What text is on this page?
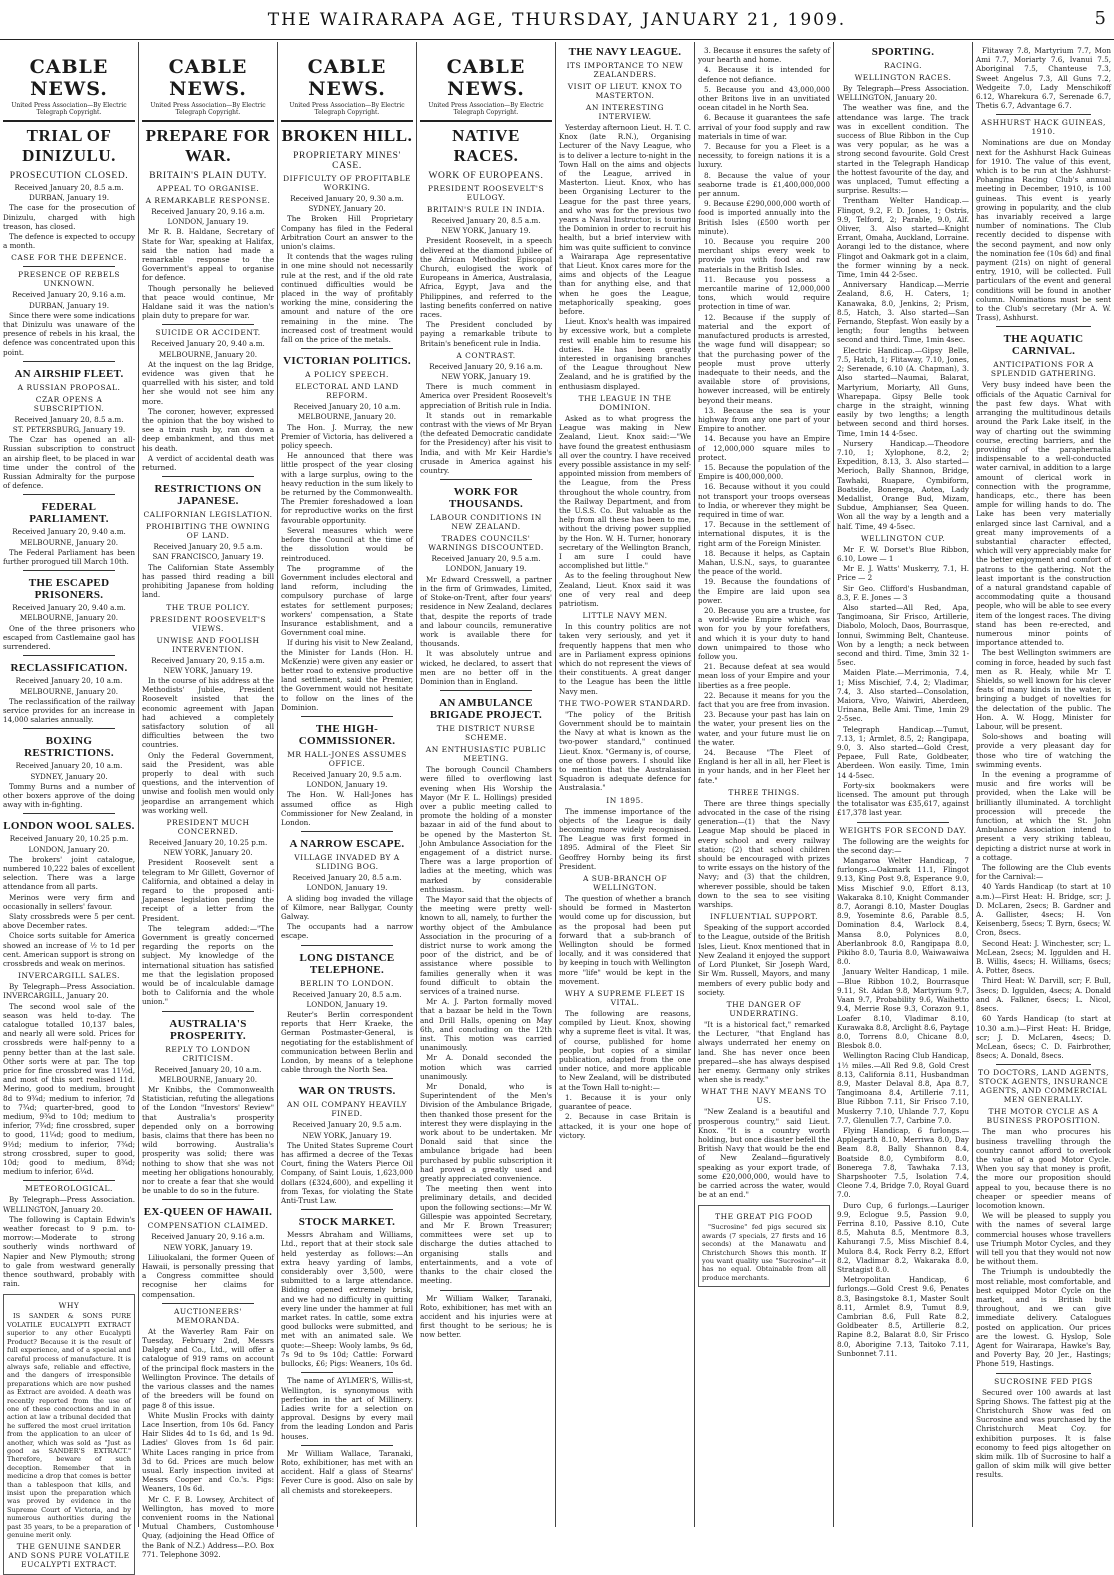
THE WAIRARAPA AGE, THURSDAY, JANUARY 21, 1909.	5
CABLE NEWS.
United Press Association—By Electric Telegraph Copyright.
TRIAL OF DINIZULU.
PROSECUTION CLOSED.
Received January 20, 8.5 a.m.
DURBAN, January 19.

The case for the prosecution of Dinizulu, charged with high treason, has closed.

The defence is expected to occupy a month.

CASE FOR THE DEFENCE.
PRESENCE OF REBELS UNKNOWN.
Received January 20, 9.16 a.m.
DURBAN, January 19.

Since there were some indications that Dinizulu was unaware of the presence of rebels in his kraal, the defence was concentrated upon this point.

AN AIRSHIP FLEET.
A RUSSIAN PROPOSAL.
CZAR OPENS A SUBSCRIPTION.
Received January 20, 8.5 a.m.
ST. PETERSBURG, January 19.

The Czar has opened an all-Russian subscription to construct an airship fleet, to be placed in war time under the control of the Russian Admiralty for the purpose of defence.

FEDERAL PARLIAMENT.
Received January 20, 9.40 a.m.
MELBOURNE, January 20.

The Federal Parliament has been further prorogued till March 10th.

THE ESCAPED PRISONERS.
Received January 20, 9.40 a.m.
MELBOURNE, January 20.

One of the three prisoners who escaped from Castlemaine gaol has surrendered.

RECLASSIFICATION.
Received January 20, 10 a.m.
MELBOURNE, January 20.

The reclassification of the railway service provides for an increase in 14,000 salaries annually.

BOXING RESTRICTIONS.
Received January 20, 10 a.m.
SYDNEY, January 20.

Tommy Burns and a number of other boxers approve of the doing away with in-fighting.

LONDON WOOL SALES.
Received January 20, 10.25 p.m.
LONDON, January 20.

The brokers' joint catalogue, numbered 10,222 bales of excellent selection. There was a large attendance from all parts.

Merinos were very firm and occasionally in sellers' favour.

Slaty crossbreds were 5 per cent. above December rates.

Choice sorts suitable for America showed an increase of ½ to 1d per cent. American support is strong on crossbreds and weak on merinos.

INVERCARGILL SALES.

By Telegraph—Press Association. INVERCARGILL, January 20.

The second wool sale of the season was held to-day. The catalogue totalled 10,137 bales, and nearly all were sold. Prices for crossbreds were half-penny to a penny better than at the last sale. Other sorts were at par. The top price for fine crossbred was 11½d, and most of this sort realised 11d. Merino, good to medium, brought 8d to 9¾d; medium to inferior, 7d to 7¾d; quarter-bred, good to medium, 9¾d to 10d; medium to inferior, 7¾d; fine crossbred, super to good, 11¼d; good to medium, 9½d; medium to inferior, 7¾d; strong crossbred, super to good, 10d; good to medium, 8¾d; medium to inferior, 6¼d.

METEOROLOGICAL.

By Telegraph—Press Association. WELLINGTON, January 20.

The following is Captain Edwin's weather forecast to 9 p.m. to-morrow:—Moderate to strong southerly winds northward of Napier and New Plymouth; strong to gale from westward generally thence southward, probably with rain.

WHY

IS SANDER & SONS PURE VOLATILE EUCALYPTI EXTRACT superior to any other Eucalypti Product? Because it is the result of full experience, and of a special and careful process of manufacture. It is always safe, reliable and effective, and the dangers of irresponsible preparations which are now pushed as Extract are avoided. A death was recently reported from the use of one of these concoctions and in an action at law a tribunal decided that he suffered the most cruel irritation from the application to an ulcer of another, which was sold as "Just as good as SANDER'S EXTRACT." Therefore, beware of such deception. Remember that in medicine a drop that comes is better than a tablespoon that kills, and insist upon the preparation which was proved by evidence in the Supreme Court of Victoria, and by numerous authorities during the past 35 years, to be a preparation of genuine merit only.

THE GENUINE SANDER AND SONS PURE VOLATILE EUCALYPTI EXTRACT.
CABLE NEWS.
United Press Association—By Electric Telegraph Copyright.
PREPARE FOR WAR.
BRITAIN'S PLAIN DUTY.
APPEAL TO ORGANISE.
A REMARKABLE RESPONSE.
Received January 20, 9.16 a.m.
LONDON, January 19.

Mr R. B. Haldane, Secretary of State for War, speaking at Halifax, said the nation had made a remarkable response to the Government's appeal to organise for defence.

Though personally he believed that peace would continue, Mr Haldane said it was the nation's plain duty to prepare for war.

SUICIDE OR ACCIDENT.
Received January 20, 9.40 a.m.
MELBOURNE, January 20.

At the inquest on the lag Bridge, evidence was given that he quarrelled with his sister, and told her she would not see him any more.

The coroner, however, expressed the opinion that the boy wished to see a train rush by, ran down a deep embankment, and thus met his death.

A verdict of accidental death was returned.

RESTRICTIONS ON JAPANESE.
CALIFORNIAN LEGISLATION.
PROHIBITING THE OWNING OF LAND.
Received January 20, 9.5 a.m.
SAN FRANCISCO, January 19.

The Californian State Assembly has passed third reading a bill prohibiting Japanese from holding land.

THE TRUE POLICY.
PRESIDENT ROOSEVELT'S VIEWS.
UNWISE AND FOOLISH INTERVENTION.
Received January 20, 9.15 a.m.
NEW YORK, January 19.

In the course of his address at the Methodists' Jubilee, President Roosevelt insisted that the economic agreement with Japan had achieved a completely satisfactory solution of all difficulties between the two countries.

Only the Federal Government, said the President, was able properly to deal with such questions, and the intervention of unwise and foolish men would only jeopardise an arrangement which was working well.

PRESIDENT MUCH CONCERNED.
Received January 20, 10.25 p.m.
NEW YORK, January 20.

President Roosevelt sent a telegram to Mr Gillett, Governor of California, and obtained a delay in regard to the proposed anti-Japanese legislation pending the receipt of a letter from the President.

The telegram added:—"The Government is greatly concerned regarding the reports on the subject. My knowledge of the international situation has satisfied me that the legislation proposed would be of incalculable damage both to California and the whole union."

AUSTRALIA'S PROSPERITY.
REPLY TO LONDON CRITICISM.
Received January 20, 10 a.m.
MELBOURNE, January 20.

Mr Knibbs, the Commonwealth Statistician, refuting the allegations of the London "Investors' Review" that Australia's prosperity depended only on a borrowing basis, claims that there has been no wild borrowing. Australia's prosperity was solid; there was nothing to show that she was not meeting her obligations honourably, nor to create a fear that she would be unable to do so in the future.

EX-QUEEN OF HAWAII.
COMPENSATION CLAIMED.
Received January 20, 9.16 a.m.
NEW YORK, January 19.

Liliuokalani, the former Queen of Hawaii, is personally pressing that a Congress committee should recognise her claims for compensation.

AUCTIONEERS' MEMORANDA.

At the Waverley Ram Fair on Tuesday, February 2nd, Messrs Dalgety and Co., Ltd., will offer a catalogue of 919 rams on account of the principal flock masters in the Wellington Province. The details of the various classes and the names of the breeders will be found on page 8 of this issue.

White Muslin Frocks with dainty Lace Insertion, from 10s 6d. Fancy Hair Slides 4d to 1s 6d, and 1s 9d. Ladies' Gloves from 1s 6d pair. White Laces ranging in price from 3d to 6d. Prices are much below usual. Early inspection invited at Messrs Cooper and Co.'s. Pigs: Weaners, 10s 6d.

Mr C. F. B. Lowsey, Architect of Wellington, has moved to more convenient rooms in the National Mutual Chambers, Customhouse Quay, (adjoining the Head Office of the Bank of N.Z.) Address—P.O. Box 771. Telephone 3092.

CABLE NEWS.
United Press Association—By Electric Telegraph Copyright.
BROKEN HILL.
PROPRIETARY MINES' CASE.
DIFFICULTY OF PROFITABLE WORKING.
Received January 20, 9.30 a.m.
SYDNEY, January 20.

The Broken Hill Proprietary Company has filed in the Federal Arbitration Court an answer to the union's claims.

It contends that the wages ruling in one mine should not necessarily rule at the rest, and if the old rate continued difficulties would be placed in the way of profitably working the mine, considering the amount and nature of the ore remaining in the mine. The increased cost of treatment would fall on the price of the metals.

VICTORIAN POLITICS.
A POLICY SPEECH.
ELECTORAL AND LAND REFORM.
Received January 20, 10 a.m.
MELBOURNE, January 20.

The Hon. J. Murray, the new Premier of Victoria, has delivered a policy speech.

He announced that there was little prospect of the year closing with a large surplus, owing to the heavy reduction in the sum likely to be returned by the Commonwealth. The Premier foreshadowed a loan for reproductive works on the first favourable opportunity.

Several measures which were before the Council at the time of the dissolution would be reintroduced.

The programme of the Government includes electoral and land reform, including the compulsory purchase of large estates for settlement purposes; workers' compensation, a State Insurance establishment, and a Government coal mine.

If during his visit to New Zealand, the Minister for Lands (Hon. H. McKenzie) were given any easier or better road to extensive productive land settlement, said the Premier, the Government would not hesitate to follow on the lines of the Dominion.

THE HIGH-COMMISSIONER.
MR HALL-JONES ASSUMES OFFICE.
Received January 20, 9.5 a.m.
LONDON, January 19.

The Hon. W. Hall-Jones has assumed office as High Commissioner for New Zealand, in London.

A NARROW ESCAPE.
VILLAGE INVADED BY A SLIDING BOG.
Received January 20, 8.5 a.m.
LONDON, January 19.

A sliding bog invaded the village of Kilmore, near Ballygar, County Galway.

The occupants had a narrow escape.

LONG DISTANCE TELEPHONE.
BERLIN TO LONDON.
Received January 20, 8.5 a.m.
LONDON, January 19.

Reuter's Berlin correspondent reports that Herr Kraeke, the German Postmaster-General, is negotiating for the establishment of communication between Berlin and London, by means of a telephone cable through the North Sea.

WAR ON TRUSTS.
AN OIL COMPANY HEAVILY FINED.
Received January 20, 9.5 a.m.
NEW YORK, January 19.

The United States Supreme Court has affirmed a decree of the Texas Court, fining the Waters Pierce Oil Company, of Saint Louis, 1,623,000 dollars (£324,600), and expelling it from Texas, for violating the State Anti-Trust Law.

STOCK MARKET.

Messrs Abraham and Williams, Ltd., report that at their stock sale held yesterday as follows:—An extra heavy yarding of lambs, considerably over 3,500, were submitted to a large attendance. Bidding opened extremely brisk, and we had no difficulty in quitting every line under the hammer at full market rates. In cattle, some extra good bullocks were submitted, and met with an animated sale. We quote:—Sheep: Wooly lambs, 9s 6d, 7s 9d to 9s 10d; Cattle: Forward bullocks, £6; Pigs: Weaners, 10s 6d.

The name of AYLMER'S, Willis-st, Wellington, is synonymous with perfection in the art of Millinery. Ladies write for a selection on approval. Designs by every mail from the leading London and Paris houses.

Mr William Wallace, Taranaki, Roto, exhibitioner, has met with an accident. Half a glass of Stearns' Fever Cure is good. Also on sale by all chemists and storekeepers.

CABLE NEWS.
United Press Association—By Electric Telegraph Copyright.
NATIVE RACES.
WORK OF EUROPEANS.
PRESIDENT ROOSEVELT'S EULOGY.
BRITAIN'S RULE IN INDIA.
Received January 20, 8.5 a.m.
NEW YORK, January 19.

President Roosevelt, in a speech delivered at the diamond jubilee of the African Methodist Episcopal Church, eulogised the work of Europeans in America, Australasia, Africa, Egypt, Java and the Philippines, and referred to the lasting benefits conferred on native races.

The President concluded by paying a remarkable tribute to Britain's beneficent rule in India.

A CONTRAST.
Received January 20, 9.16 a.m.
NEW YORK, January 19.

There is much comment in America over President Roosevelt's appreciation of British rule in India.

It stands out in remarkable contrast with the views of Mr Bryan (the defeated Democratic candidate for the Presidency) after his visit to India, and with Mr Keir Hardie's crusade in America against his country.

WORK FOR THOUSANDS.
LABOUR CONDITIONS IN NEW ZEALAND.
TRADES COUNCILS' WARNINGS DISCOUNTED.
Received January 20, 9.5 a.m.
LONDON, January 19.

Mr Edward Cresswell, a partner in the firm of Grimwades, Limited, of Stoke-on-Trent, after four years' residence in New Zealand, declares that, despite the reports of trade and labour councils, remunerative work is available there for thousands.

It was absolutely untrue and wicked, he declared, to assert that men are no better off in the Dominion than in England.

AN AMBULANCE BRIGADE PROJECT.
THE DISTRICT NURSE SCHEME.
AN ENTHUSIASTIC PUBLIC MEETING.

The borough Council Chambers were filled to overflowing last evening when His Worship the Mayor (Mr F. L. Hollings) presided over a public meeting called to promote the holding of a monster bazaar in aid of the fund about to be opened by the Masterton St. John Ambulance Association for the engagement of a district nurse. There was a large proportion of ladies at the meeting, which was marked by considerable enthusiasm.

The Mayor said that the objects of the meeting were pretty well-known to all, namely, to further the worthy object of the Ambulance Association in the procuring of a district nurse to work among the poor of the district, and be of assistance where possible to families generally when it was found difficult to obtain the services of a trained nurse.

Mr A. J. Parton formally moved that a bazaar be held in the Town and Drill Halls, opening on May 6th, and concluding on the 12th inst. This motion was carried unanimously.

Mr A. Donald seconded the motion which was carried unanimously.

Mr Donald, who is Superintendent of the Men's Division of the Ambulance Brigade, then thanked those present for the interest they were displaying in the work about to be undertaken. Mr Donald said that since the ambulance brigade had been purchased by public subscription it had proved a greatly used and greatly appreciated convenience.

The meeting then went into preliminary details, and decided upon the following sections:—Mr W. Gillespie was appointed Secretary, and Mr F. Brown Treasurer; committees were set up to discharge the duties attached to organising stalls and entertainments, and a vote of thanks to the chair closed the meeting.

Mr William Walker, Taranaki, Roto, exhibitioner, has met with an accident and his injuries were at first thought to be serious; he is now better.

THE NAVY LEAGUE.
ITS IMPORTANCE TO NEW ZEALANDERS.
VISIT OF LIEUT. KNOX TO MASTERTON.
AN INTERESTING INTERVIEW.

Yesterday afternoon Lieut. H. T. C. Knox (late R.N.), Organising Lecturer of the Navy League, who is to deliver a lecture to-night in the Town Hall on the aims and objects of the League, arrived in Masterton. Lieut. Knox, who has been Organising Lecturer to the League for the past three years, and who was for the previous two years a Naval Instructor, is touring the Dominion in order to recruit his health, but a brief interview with him was quite sufficient to convince a Wairarapa Age representative that Lieut. Knox cares more for the aims and objects of the League than for anything else, and that when he goes the League, metaphorically speaking, goes before.

Lieut. Knox's health was impaired by excessive work, but a complete rest will enable him to resume his duties. He has been greatly interested in organising branches of the League throughout New Zealand, and he is gratified by the enthusiasm displayed.

THE LEAGUE IN THE DOMINION.

Asked as to what progress the League was making in New Zealand, Lieut. Knox said:—"We have found the greatest enthusiasm all over the country. I have received every possible assistance in my self-appointed mission from members of the League, from the Press throughout the whole country, from the Railway Department, and from the U.S.S. Co. But valuable as the help from all these has been to me, without the driving power supplied by the Hon. W. H. Turner, honorary secretary of the Wellington Branch, I am sure I could have accomplished but little."

As to the feeling throughout New Zealand, Lieut. Knox said it was one of very real and deep patriotism.

LITTLE NAVY MEN.

In this country politics are not taken very seriously, and yet it frequently happens that men who are in Parliament express opinions which do not represent the views of their constituents. A great danger to the League has been the little Navy men.

THE TWO-POWER STANDARD.

"The policy of the British Government should be to maintain the Navy at what is known as the two-power standard," continued Lieut. Knox. "Germany is, of course, one of those powers. I should like to mention that the Australasian Squadron is adequate defence for Australasia."

IN 1895.

The immense importance of the objects of the League is daily becoming more widely recognised. The League was first formed in 1895. Admiral of the Fleet Sir Geoffrey Hornby being its first President.

A SUB-BRANCH OF WELLINGTON.

The question of whether a branch should be formed in Masterton would come up for discussion, but as the proposal had been put forward that a sub-branch of Wellington should be formed locally, and it was considered that by keeping in touch with Wellington more "life" would be kept in the movement.

WHY A SUPREME FLEET IS VITAL.

The following are reasons, compiled by Lieut. Knox, showing why a supreme fleet is vital. It was, of course, published for home people, but copies of a similar publication, adapted from the one under notice, and more applicable to New Zealand, will be distributed at the Town Hall to-night:—

1. Because it is your only guarantee of peace.

2. Because in case Britain is attacked, it is your one hope of victory.

3. Because it ensures the safety of your hearth and home.

4. Because it is intended for defence not defiance.

5. Because you and 43,000,000 other Britons live in an unvitiated ocean citadel in he North Sea.

6. Because it guarantees the safe arrival of your food supply and raw materials in time of war.

7. Because for you a Fleet is a necessity, to foreign nations it is a luxury.

8. Because the value of your seaborne trade is £1,400,000,000 per annum.

9. Because £290,000,000 worth of food is imported annually into the British Isles (£500 worth per minute).

10. Because you require 200 merchant ships every week to provide you with food and raw materials in the British Isles.

11. Because you possess a mercantile marine of 12,000,000 tons, which would require protection in time of war.

12. Because if the supply of material and the export of manufactured products is arrested, the wage fund will disappear; so that the purchasing power of the people must prove utterly inadequate to their needs, and the available store of provisions, however increased, will be entirely beyond their means.

13. Because the sea is your highway from any one part of your Empire to another.

14. Because you have an Empire of 12,000,000 square miles to protect.

15. Because the population of the Empire is 400,000,000.

16. Because without it you could not transport your troops overseas to India, or wherever they might be required in time of war.

17. Because in the settlement of international disputes, it is the right arm of the Foreign Minister.

18. Because it helps, as Captain Mahan, U.S.N., says, to guarantee the peace of the world.

19. Because the foundations of the Empire are laid upon sea power.

20. Because you are a trustee, for a world-wide Empire which was won for you by your forefathers, and which it is your duty to hand down unimpaired to those who follow you.

21. Because defeat at sea would mean loss of your Empire and your liberties as a free people.

22. Because it means for you the fact that you are free from invasion.

23. Because your past has lain on the water, your present lies on the water, and your future must lie on the water.

24. Because "The Fleet of England is her all in all, her Fleet is in your hands, and in her Fleet her fate."

THREE THINGS.

There are three things specially advocated in the case of the rising generation—(1) that the Navy League Map should be placed in every school and every railway station; (2) that school children should be encouraged with prizes to write essays on the history of the Navy; and (3) that the children, wherever possible, should be taken down to the sea to see visiting warships.

INFLUENTIAL SUPPORT.

Speaking of the support accorded to the League, outside of the British Isles, Lieut. Knox mentioned that in New Zealand it enjoyed the support of Lord Plunket, Sir Joseph Ward, Sir Wm. Russell, Mayors, and many members of every public body and society.

THE DANGER OF UNDERRATING.

"It is a historical fact," remarked the Lecturer, "that England has always underrated her enemy on land. She has never once been prepared—she has always despised her enemy. Germany only strikes when she is ready."

WHAT THE NAVY MEANS TO US.

"New Zealand is a beautiful and prosperous country," said Lieut. Knox. "It is a country worth holding, but once disaster befell the British Navy that would be the end of New Zealand—figuratively speaking as your export trade, of some £20,000,000, would have to be carried across the water, would be at an end."

THE GREAT PIG FOOD

"Sucrosine" fed pigs secured six awards (7 specials, 27 firsts and 16 seconds) at the Manawatu and Christchurch Shows this month. If you want quality use "Sucrosine"—it has no equal. Obtainable from all produce merchants.

SPORTING.
RACING.
WELLINGTON RACES.

By Telegraph—Press Association. WELLINGTON, January 20.

The weather was fine, and the attendance was large. The track was in excellent condition. The success of Blue Ribbon in the Cup was very popular, as he was a strong second favourite. Gold Crest started in the Telegraph Handicap the hottest favourite of the day, and was unplaced, Tumut effecting a surprise. Results:—

Trentham Welter Handicap.—Flingot, 9.2, F. D. Jones, 1; Ostris, 9.9, Telford, 2; Parable, 9.0, Alf. Oliver, 3. Also started—Knight Errant, Omaha, Auckland, Lorraine. Aorangi led to the distance, where Flingot and Oakmark got in a claim, the former winning by a neck. Time, 1min 44 2-5sec.

Anniversary Handicap.—Merrie Zealand, 8.6, H. Caters, 1; Kanawaka, 8.0, Jenkins, 2; Prism, 8.5, Hatch, 3. Also started—San Fernando, Stepfast. Won easily by a length; four lengths between second and third. Time, 1min 4sec.

Electric Handicap.—Gipsy Belle, 7.5, Hatch, 1; Flitaway, 7.10, Jones, 2; Serenade, 6.10 (A. Chapman), 3. Also started—Naumai, Balarat, Martyrium, Moriarty, All Guns, Wharepapa. Gipsy Belle took charge in the straight, winning easily by two lengths; a length between second and third horses. Time, 1min 14 4-5sec.

Nursery Handicap.—Theodore 7.10, 1; Xylophone, 8.2, 2; Expedition, 8.13, 3. Also started—Merioch, Bally Shannon, Bridge, Tawhaki, Ruapare, Cymbiform, Boatside, Bonerega, Aotea, Lady Medallist, Orange Bud, Mizam, Subdue, Amphianser, Sea Queen. Won all the way by a length and a half. Time, 49 4-5sec.

WELLINGTON CUP.

Mr F. W. Dorset's Blue Ribbon, 6.10, Lowe — 1

Mr E. J. Watts' Muskerry, 7.1, H. Price — 2

Sir Geo. Clifford's Husbandman, 8.3, F. E. Jones — 3

Also started—All Red, Apa, Tangimoana, Sir Frisco, Artillerie, Diabolo, Moloch, Daos, Bourrasque, Ionnui, Swimming Belt, Chanteuse. Won by a length; a neck between second and third. Time, 3min 32 1-5sec.

Maiden Plate.—Merrimonia, 7.4, 1; Miss Mischief, 7.4, 2; Vladimar, 7.4, 3. Also started—Consolation, Maiora, Vivo, Waiwiri, Aberdeen, Urinana, Belle Ami. Time, 1min 29 2-5sec.

Telegraph Handicap.—Tumut, 7.13, 1; Armlet, 8.5, 2; Rangipapa, 9.0, 3. Also started—Gold Crest, Pepaee, Full Rate, Goldbeater, Aberdeen. Won easily. Time, 1min 14 4-5sec.

Forty-six bookmakers were licensed. The amount put through the totalisator was £35,617, against £17,378 last year.

WEIGHTS FOR SECOND DAY.

The following are the weights for the second day:—

Mangaroa Welter Handicap, 7 furlongs.—Oakmark 11.1, Flingot 9.13, King Post 9.8, Esperance 9.0, Miss Mischief 9.0, Effort 8.13, Wakaraka 8.10, Knight Commander 8.7, Aorangi 8.10, Master Douglas 8.9, Yoseminte 8.6, Parable 8.5, Domination 8.4, Warlock 8.4, Mansa 8.0, Polynices 8.0, Aberlanbrook 8.0, Rangipapa 8.0, Pikiho 8.0, Tauria 8.0, Waiwawaiwa 8.0.

January Welter Handicap, 1 mile.—Blue Ribbon 10.2, Bourrasque 9.11, St. Aidan 9.8, Martyrium 9.7, Vaan 9.7, Probability 9.6, Waihetto 9.4, Merrie Rose 9.3, Corazon 9.1, Loafer 8.10, Vladimar 8.10, Kurawaka 8.8, Arclight 8.6, Paytage 8.0, Torrens 8.0, Chicane 8.0, Blesbok 8.0.

Wellington Racing Club Handicap, 1½ miles.—All Red 9.8, Gold Crest 8.13, California 8.11, Husbandman 8.9, Master Delaval 8.8, Apa 8.7, Tangimoana 8.4, Artillerie 7.11, Blue Ribbon 7.11, Sir Frisco 7.10, Muskerry 7.10, Uhlande 7.7, Kopu 7.7, Glenullen 7.7, Carbine 7.0.

Flying Handicap, 6 furlongs.—Applegarth 8.10, Merriwa 8.0, Day Beam 8.8, Bally Shannon 8.4, Boatside 8.0, Cymbiform 8.0, Bonerega 7.8, Tawhaka 7.13, Sharpshooter 7.5, Isolation 7.4, Cleone 7.4, Bridge 7.0, Royal Guard 7.0.

Duro Cup, 6 furlongs.—Lauriger 9.9, Eclogue 9.5, Passion 9.0, Ferrina 8.10, Passive 8.10, Cute 8.5, Mahuta 8.5, Mentmore 8.3, Kahurangi 7.5, Miss Mischief 8.4, Mulora 8.4, Rock Ferry 8.2, Effort 8.2, Vladimar 8.2, Wakaraka 8.0, Stratagist 8.0.

Metropolitan Handicap, 6 furlongs.—Gold Crest 9.6, Penates 8.3, Basingstoke 8.1, Master Soult 8.11, Armlet 8.9, Tumut 8.9, Cambrian 8.6, Full Rate 8.2, Goldbeater 8.5, Artillerie 8.2, Rapine 8.2, Balarat 8.0, Sir Frisco 8.0, Aborigine 7.13, Taitoko 7.11, Sunbonnet 7.11.

Flitaway 7.8, Martyrium 7.7, Mon Ami 7.7, Moriarty 7.6, Ivanui 7.5, Aboriginal 7.5, Chanteuse 7.3, Sweet Angelus 7.3, All Guns 7.2, Wedgeite 7.0, Lady Menschikoff 6.12, Wharekura 6.7, Serenade 6.7, Thetis 6.7, Advantage 6.7.

ASHHURST HACK GUINEAS, 1910.

Nominations are due on Monday next for the Ashhurst Hack Guineas for 1910. The value of this event, which is to be run at the Ashhurst-Pohangina Racing Club's annual meeting in December, 1910, is 100 guineas. This event is yearly growing in popularity, and the club has invariably received a large number of nominations. The Club recently decided to dispense with the second payment, and now only the nomination fee (10s 6d) and final payment (21s) on night of general entry, 1910, will be collected. Full particulars of the event and general conditions will be found in another column. Nominations must be sent to the Club's secretary (Mr A. W. Trass), Ashhurst.

THE AQUATIC CARNIVAL.
ANTICIPATIONS FOR A SPLENDID GATHERING.

Very busy indeed have been the officials of the Aquatic Carnival for the past few days. What with arranging the multitudinous details around the Park Lake itself, in the way of charting out the swimming course, erecting barriers, and the providing of the paraphernalia indispensable to a well-conducted water carnival, in addition to a large amount of clerical work in connection with the programme, handicaps, etc., there has been ample for willing hands to do. The Lake has been very materially enlarged since last Carnival, and a great many improvements of a substantial character effected, which will very appreciably make for the better enjoyment and comfort of patrons to the gathering. Not the least important is the construction of a natural grandstand capable of accommodating quite a thousand people, who will be able to see every item of the longest races. The diving stand has been re-erected, and numerous minor points of importance attended to.

The best Wellington swimmers are coming in force, headed by such fast men as R. Healy, while Mr T. Shields, so well known for his clever feats of many kinds in the water, is bringing a budget of novelties for the delectation of the public. The Hon. A. W. Hogg, Minister for Labour, will be present.

Solo-shows and boating will provide a very pleasant day for those who tire of watching the swimming events.

In the evening a programme of music and fire works will be provided, when the Lake will be brilliantly illuminated. A torchlight procession will precede the function, at which the St. John Ambulance Association intend to present a very striking tableau, depicting a district nurse at work in a cottage.

The following are the Club events for the Carnival:—

40 Yards Handicap (to start at 10 a.m.)—First Heat: H. Bridge, scr; J. D. McLaren, 2secs; B. Gardner and A. Gallister, 4secs; H. Von Keisenberg, 5secs; T. Byrn, 6secs; W. Cron, 8secs.

Second Heat: J. Winchester, scr; L. McLean, 2secs; M. Iggulden and H. B. Willis, 4secs; H. Williams, 6secs; A. Potter, 8secs.

Third Heat: W. Darvill, scr; F. Bull, 3secs; D. Iggulden, 4secs; A. Donald and A. Falkner, 6secs; L. Nicol, 8secs.

60 Yards Handicap (to start at 10.30 a.m.)—First Heat: H. Bridge, scr; J. D. McLaren, 4secs; D. McLean, 6secs; C. D. Fairbrother, 8secs; A. Donald, 8secs.

TO DOCTORS, LAND AGENTS, STOCK AGENTS, INSURANCE AGENTS, AND COMMERCIAL MEN GENERALLY.
THE MOTOR CYCLE AS A BUSINESS PROPOSITION.

The man who procures his business travelling through the country cannot afford to overlook the value of a good Motor Cycle. When you say that money is profit, the more our proposition should appeal to you, because there is no cheaper or speedier means of locomotion known.

We will be pleased to supply you with the names of several large commercial houses whose travellers use Triumph Motor Cycles, and they will tell you that they would not now be without them.

The Triumph is undoubtedly the most reliable, most comfortable, and best equipped Motor Cycle on the market, and is British built throughout, and we can give immediate delivery. Catalogues posted on application. Our prices are the lowest. G. Hyslop, Sole Agent for Wairarapa, Hawke's Bay, and Poverty Bay, 20 Jer., Hastings; Phone 519, Hastings.

SUCROSINE FED PIGS

Secured over 100 awards at last Spring Shows. The fattest pig at the Christchurch Show was fed on Sucrosine and was purchased by the Christchurch Meat Coy. for exhibition purposes. It is false economy to feed pigs altogether on skim milk. 1lb of Sucrosine to half a gallon of skim milk will give better results.
